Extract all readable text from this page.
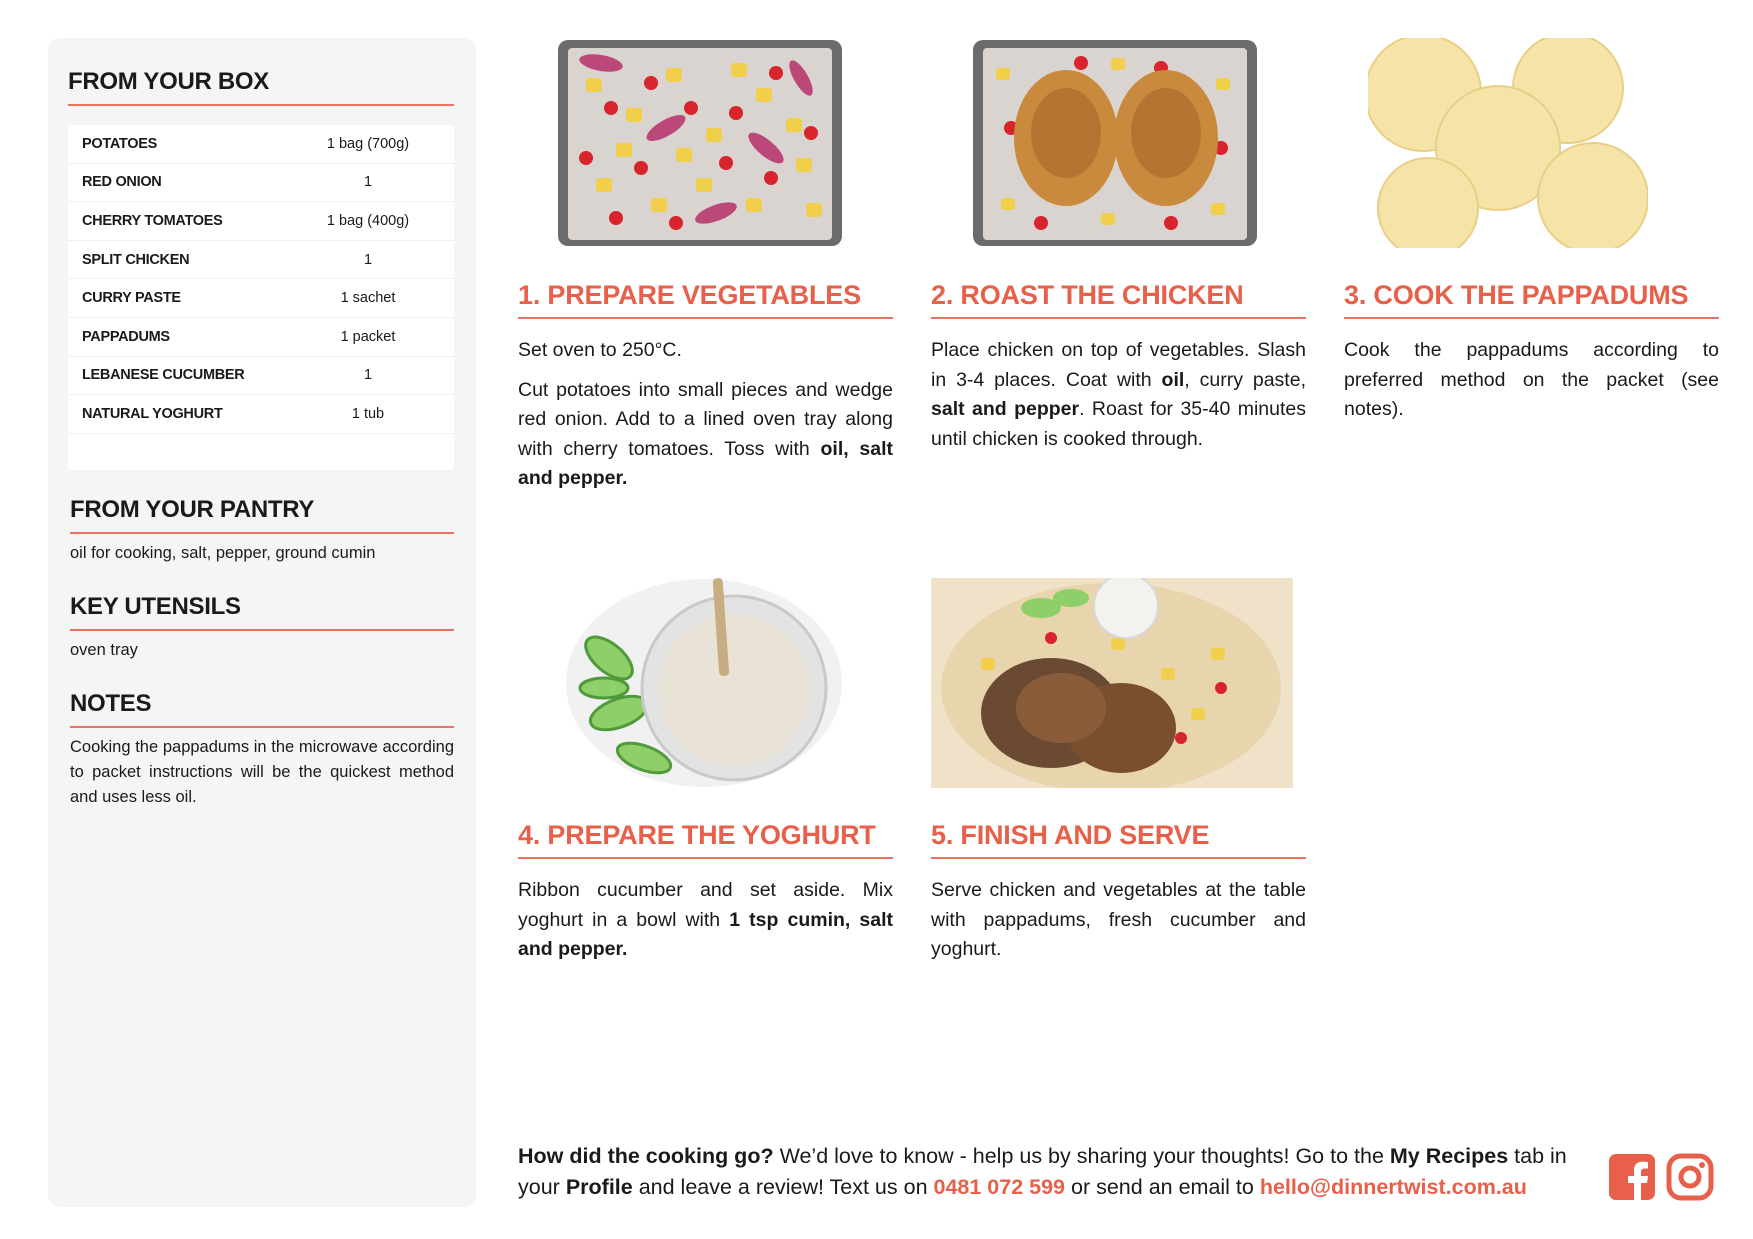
FROM YOUR BOX
POTATOES	1 bag (700g)
RED ONION	1
CHERRY TOMATOES	1 bag (400g)
SPLIT CHICKEN	1
CURRY PASTE	1 sachet
PAPPADUMS	1 packet
LEBANESE CUCUMBER	1
NATURAL YOGHURT	1 tub
FROM YOUR PANTRY
oil for cooking, salt, pepper, ground cumin
KEY UTENSILS
oven tray
NOTES
Cooking the pappadums in the microwave according to packet instructions will be the quickest method and uses less oil.
1. PREPARE VEGETABLES

Set oven to 250°C.

Cut potatoes into small pieces and wedge red onion. Add to a lined oven tray along with cherry tomatoes. Toss with oil, salt and pepper.

2. ROAST THE CHICKEN

Place chicken on top of vegetables. Slash in 3-4 places. Coat with oil, curry paste, salt and pepper. Roast for 35-40 minutes until chicken is cooked through.

3. COOK THE PAPPADUMS

Cook the pappadums according to preferred method on the packet (see notes).

4. PREPARE THE YOGHURT

Ribbon cucumber and set aside. Mix yoghurt in a bowl with 1 tsp cumin, salt and pepper.

5. FINISH AND SERVE

Serve chicken and vegetables at the table with pappadums, fresh cucumber and yoghurt.

How did the cooking go? We’d love to know - help us by sharing your thoughts! Go to the My Recipes tab in your Profile and leave a review! Text us on 0481 072 599 or send an email to hello@dinnertwist.com.au
